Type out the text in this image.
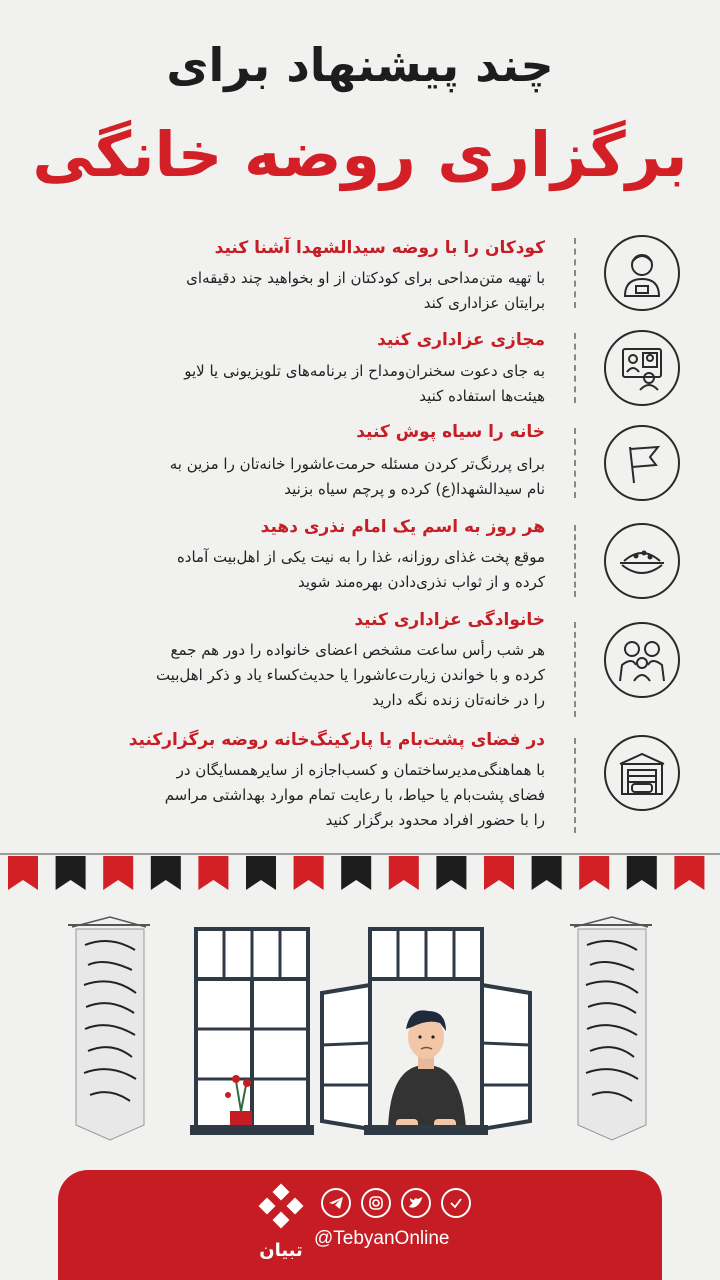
چند پیشنهاد برای
برگزاری روضه خانگی
کودکان را با روضه سیدالشهدا آشنا کنید
با تهیه متن‌مداحی برای کودکتان از او بخواهید چند دقیقه‌ای برایتان عزاداری کند
مجازی عزاداری کنید
به جای دعوت سخنران‌ومداح از برنامه‌های تلویزیونی یا لایو هیئت‌ها استفاده کنید
خانه را سیاه پوش کنید
برای پررنگ‌تر کردن مسئله حرمت‌عاشورا خانه‌تان را مزین به نام سیدالشهدا(ع) کرده و پرچم سیاه بزنید
هر روز به اسم یک امام نذری دهید
موقع پخت غذای روزانه، غذا را به نیت یکی از اهل‌بیت آماده کرده و از ثواب نذری‌دادن بهره‌مند شوید
خانوادگی عزاداری کنید
هر شب رأس ساعت مشخص اعضای خانواده را دور هم جمع کرده و با خواندن زیارت‌عاشورا یا حدیث‌کساء یاد و ذکر اهل‌بیت را در خانه‌تان زنده نگه دارید
در فضای پشت‌بام یا پارکینگ‌خانه روضه برگزار‌کنید
با هماهنگی‌مدیرساختمان و کسب‌اجازه از سایرهمسایگان در فضای پشت‌بام یا حیاط، با رعایت تمام موارد بهداشتی مراسم را با حضور افراد محدود برگزار کنید
تبیان
@TebyanOnline
